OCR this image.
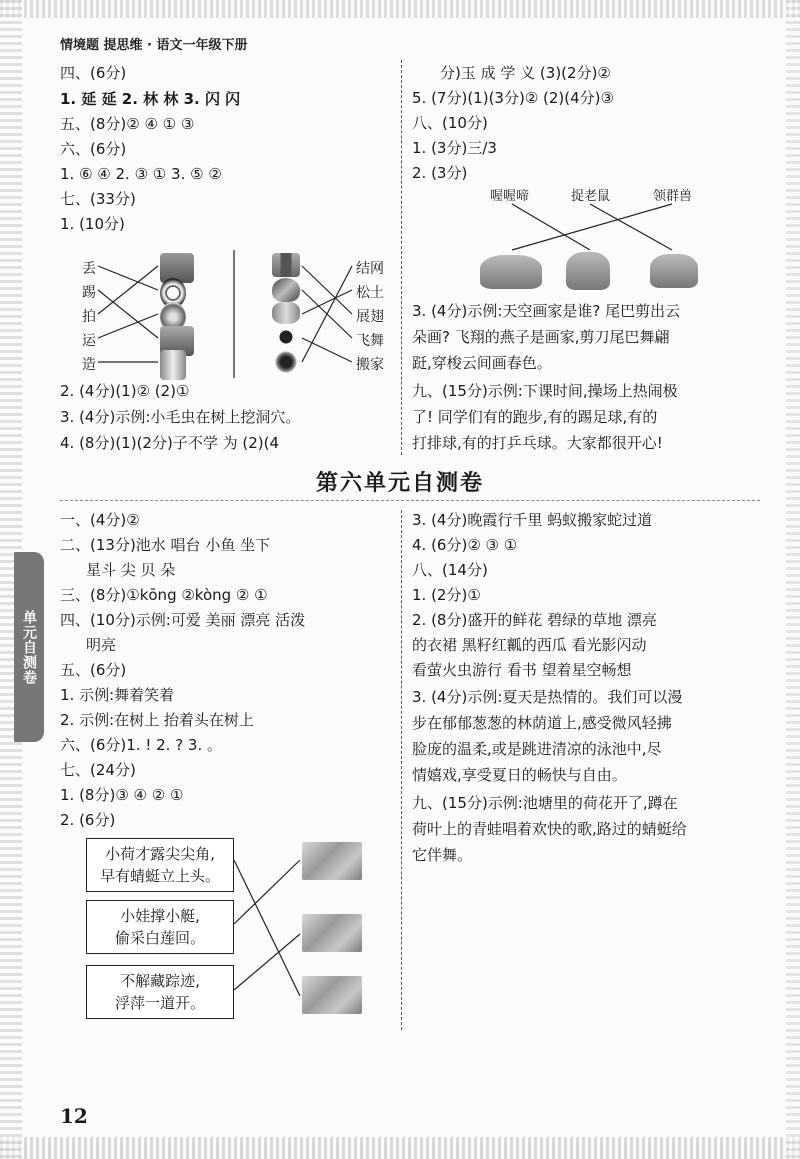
情境题 提思维 · 语文一年级下册
单元自测卷
四、(6分)
1. 延 延 2. 林 林 3. 闪 闪
五、(8分)② ④ ① ③
六、(6分)
1. ⑥ ④ 2. ③ ① 3. ⑤ ②
七、(33分)
1. (10分)
丢
踢
拍
运
造
结网
松土
展翅
飞舞
搬家
2. (4分)(1)② (2)①
3. (4分)示例:小毛虫在树上挖洞穴。
4. (8分)(1)(2分)子不学 为 (2)(4
分)玉 成 学 义 (3)(2分)②
5. (7分)(1)(3分)② (2)(4分)③
八、(10分)
1. (3分)三/3
2. (3分)
喔喔啼	捉老鼠	领群兽
3. (4分)示例:天空画家是谁? 尾巴剪出云
朵画? 飞翔的燕子是画家,剪刀尾巴舞翩
跹,穿梭云间画春色。
九、(15分)示例:下课时间,操场上热闹极
了! 同学们有的跑步,有的踢足球,有的
打排球,有的打乒乓球。大家都很开心!
第六单元自测卷
一、(4分)②
二、(13分)池水 唱台 小鱼 坐下
星斗 尖 贝 朵
三、(8分)①kōng ②kòng ② ①
四、(10分)示例:可爱 美丽 漂亮 活泼
明亮
五、(6分)
1. 示例:舞着笑着
2. 示例:在树上 抬着头在树上
六、(6分)1. ! 2. ? 3. 。
七、(24分)
1. (8分)③ ④ ② ①
2. (6分)
小荷才露尖尖角,
早有蜻蜓立上头。
小娃撑小艇,
偷采白莲回。
不解藏踪迹,
浮萍一道开。
3. (4分)晚霞行千里 蚂蚁搬家蛇过道
4. (6分)② ③ ①
八、(14分)
1. (2分)①
2. (8分)盛开的鲜花 碧绿的草地 漂亮
的衣裙 黑籽红瓤的西瓜 看光影闪动
看萤火虫游行 看书 望着星空畅想
3. (4分)示例:夏天是热情的。我们可以漫
步在郁郁葱葱的林荫道上,感受微风轻拂
脸庞的温柔,或是跳进清凉的泳池中,尽
情嬉戏,享受夏日的畅快与自由。
九、(15分)示例:池塘里的荷花开了,蹲在
荷叶上的青蛙唱着欢快的歌,路过的蜻蜓给
它伴舞。
12
